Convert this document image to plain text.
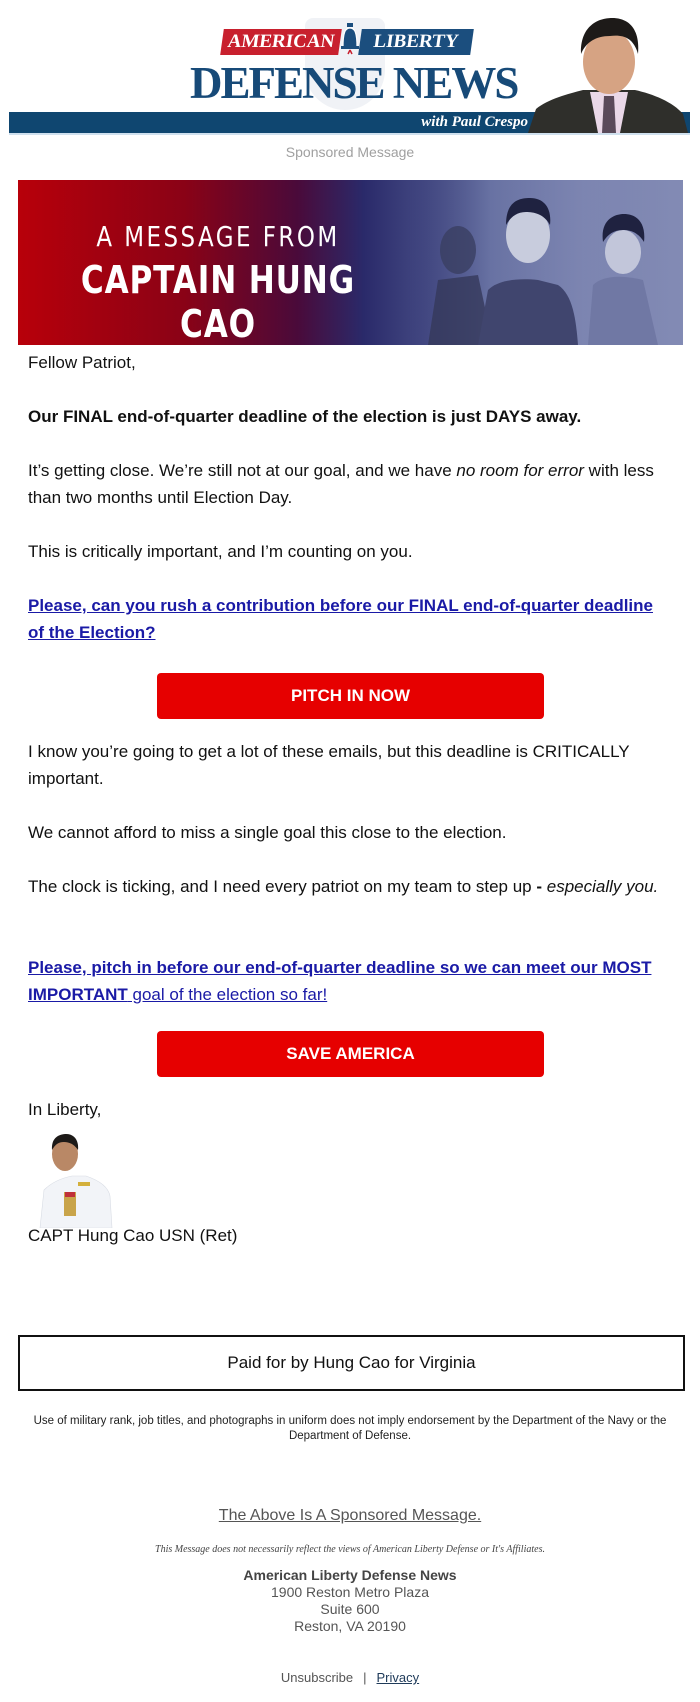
AMERICAN	LIBERTY
DEFENSE NEWS
with Paul Crespo
Sponsored Message
A MESSAGE FROM
CAPTAIN HUNG CAO
Fellow Patriot,
Our FINAL end-of-quarter deadline of the election is just DAYS away.
It’s getting close. We’re still not at our goal, and we have no room for error with less than two months until Election Day.
This is critically important, and I’m counting on you.
Please, can you rush a contribution before our FINAL end-of-quarter deadline of the Election?
PITCH IN NOW
I know you’re going to get a lot of these emails, but this deadline is CRITICALLY important.
We cannot afford to miss a single goal this close to the election.
The clock is ticking, and I need every patriot on my team to step up - especially you.
Please, pitch in before our end-of-quarter deadline so we can meet our MOST IMPORTANT goal of the election so far!
SAVE AMERICA
In Liberty,
CAPT Hung Cao USN (Ret)
Paid for by Hung Cao for Virginia
Use of military rank, job titles, and photographs in uniform does not imply endorsement by the Department of the Navy or the Department of Defense.
The Above Is A Sponsored Message.
This Message does not necessarily reflect the views of American Liberty Defense or It's Affiliates.
American Liberty Defense News
1900 Reston Metro Plaza
Suite 600
Reston, VA 20190
Unsubscribe | Privacy
